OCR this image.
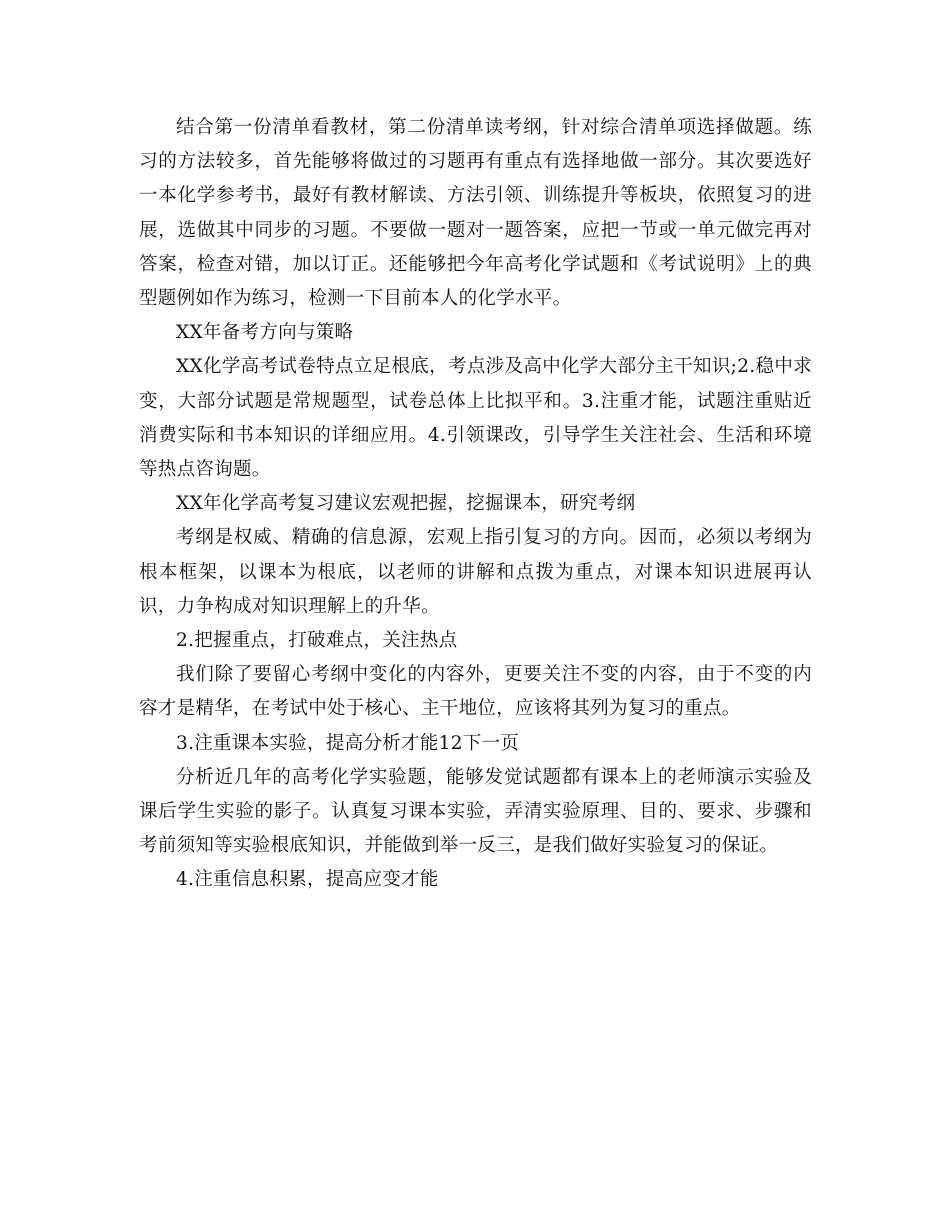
结合第一份清单看教材，第二份清单读考纲，针对综合清单项选择做题。练习的方法较多，首先能够将做过的习题再有重点有选择地做一部分。其次要选好一本化学参考书，最好有教材解读、方法引领、训练提升等板块，依照复习的进展，选做其中同步的习题。不要做一题对一题答案，应把一节或一单元做完再对答案，检查对错，加以订正。还能够把今年高考化学试题和《考试说明》上的典型题例如作为练习，检测一下目前本人的化学水平。

XX年备考方向与策略

XX化学高考试卷特点立足根底，考点涉及高中化学大部分主干知识;2.稳中求变，大部分试题是常规题型，试卷总体上比拟平和。3.注重才能，试题注重贴近消费实际和书本知识的详细应用。4.引领课改，引导学生关注社会、生活和环境等热点咨询题。

XX年化学高考复习建议宏观把握，挖掘课本，研究考纲

考纲是权威、精确的信息源，宏观上指引复习的方向。因而，必须以考纲为根本框架，以课本为根底，以老师的讲解和点拨为重点，对课本知识进展再认识，力争构成对知识理解上的升华。

2.把握重点，打破难点，关注热点

我们除了要留心考纲中变化的内容外，更要关注不变的内容，由于不变的内容才是精华，在考试中处于核心、主干地位，应该将其列为复习的重点。

3.注重课本实验，提高分析才能12下一页

分析近几年的高考化学实验题，能够发觉试题都有课本上的老师演示实验及课后学生实验的影子。认真复习课本实验，弄清实验原理、目的、要求、步骤和考前须知等实验根底知识，并能做到举一反三，是我们做好实验复习的保证。

4.注重信息积累，提高应变才能
